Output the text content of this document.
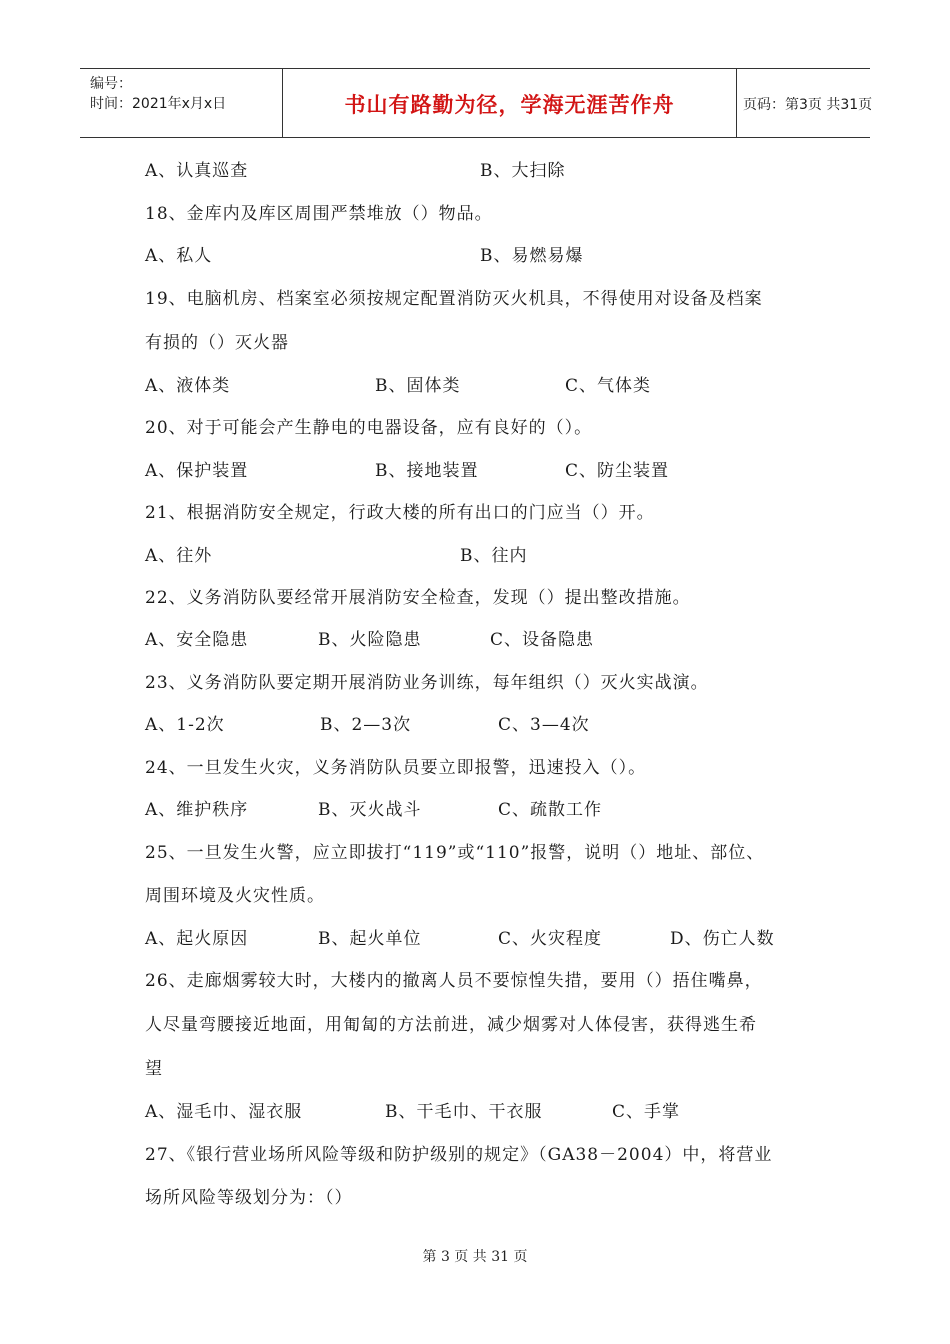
编号：
时间：2021年x月x日	书山有路勤为径，学海无涯苦作舟	页码：第3页 共31页
A、认真巡查	B、大扫除
18、金库内及库区周围严禁堆放（）物品。
A、私人	B、易燃易爆
19、电脑机房、档案室必须按规定配置消防灭火机具，不得使用对设备及档案
有损的（）灭火器
A、液体类	B、固体类	C、气体类
20、对于可能会产生静电的电器设备，应有良好的（）。
A、保护装置	B、接地装置	C、防尘装置
21、根据消防安全规定，行政大楼的所有出口的门应当（）开。
A、往外	B、往内
22、义务消防队要经常开展消防安全检查，发现（）提出整改措施。
A、安全隐患	B、火险隐患	C、设备隐患
23、义务消防队要定期开展消防业务训练，每年组织（）灭火实战演。
A、1-2次	B、2—3次	C、3—4次
24、一旦发生火灾，义务消防队员要立即报警，迅速投入（）。
A、维护秩序	B、灭火战斗	C、疏散工作
25、一旦发生火警，应立即拔打“119”或“110”报警，说明（）地址、部位、
周围环境及火灾性质。
A、起火原因	B、起火单位	C、火灾程度	D、伤亡人数
26、走廊烟雾较大时，大楼内的撤离人员不要惊惶失措，要用（）捂住嘴鼻，
人尽量弯腰接近地面，用匍匐的方法前进，减少烟雾对人体侵害，获得逃生希
望
A、湿毛巾、湿衣服	B、干毛巾、干衣服	C、手掌
27、《银行营业场所风险等级和防护级别的规定》（GA38－2004）中，将营业
场所风险等级划分为：（）
第 3 页 共 31 页
